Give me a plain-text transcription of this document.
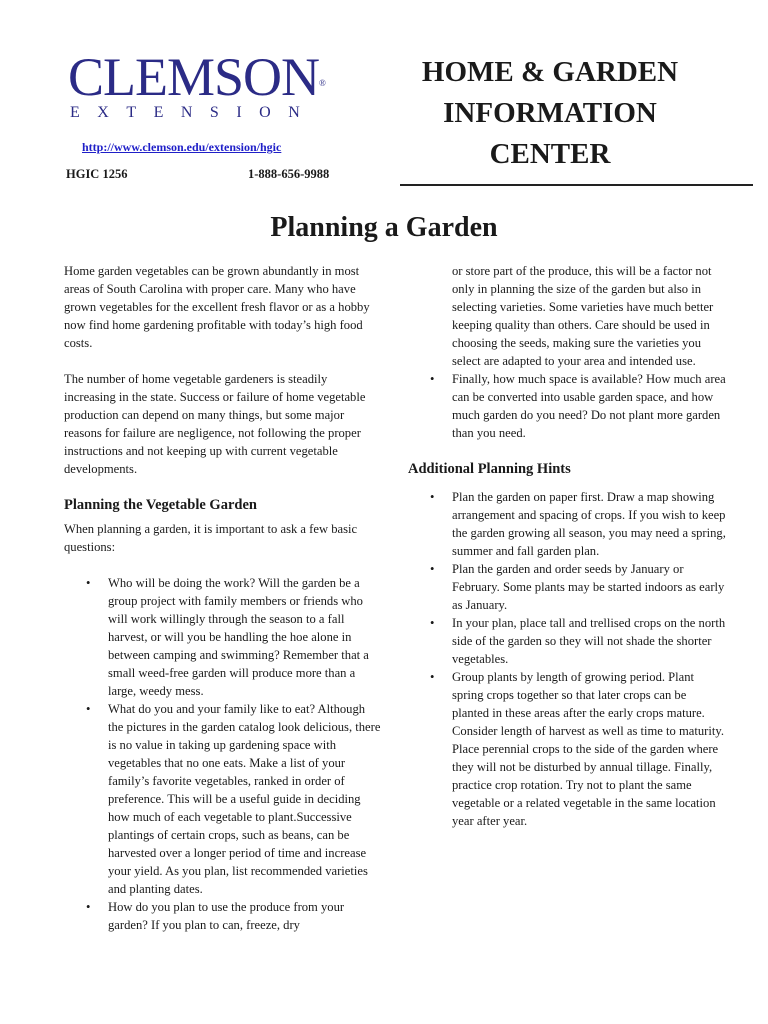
CLEMSON®
EXTENSION
http://www.clemson.edu/extension/hgic
HGIC 1256	1-888-656-9988
HOME & GARDEN
INFORMATION
CENTER
Planning a Garden

Home garden vegetables can be grown abundantly in most areas of South Carolina with proper care. Many who have grown vegetables for the excellent fresh flavor or as a hobby now find home gardening profitable with today’s high food costs.

The number of home vegetable gardeners is steadily increasing in the state. Success or failure of home vegetable production can depend on many things, but some major reasons for failure are negligence, not following the proper instructions and not keeping up with current vegetable developments.

Planning the Vegetable Garden

When planning a garden, it is important to ask a few basic questions:

• Who will be doing the work? Will the garden be a group project with family members or friends who will work willingly through the season to a fall harvest, or will you be handling the hoe alone in between camping and swimming? Remember that a small weed-free garden will produce more than a large, weedy mess.
• What do you and your family like to eat? Although the pictures in the garden catalog look delicious, there is no value in taking up gardening space with vegetables that no one eats. Make a list of your family’s favorite vegetables, ranked in order of preference. This will be a useful guide in deciding how much of each vegetable to plant.Successive plantings of certain crops, such as beans, can be harvested over a longer period of time and increase your yield. As you plan, list recommended varieties and planting dates.
• How do you plan to use the produce from your garden? If you plan to can, freeze, dry
or store part of the produce, this will be a factor not only in planning the size of the garden but also in selecting varieties. Some varieties have much better keeping quality than others. Care should be used in choosing the seeds, making sure the varieties you select are adapted to your area and intended use.
• Finally, how much space is available? How much area can be converted into usable garden space, and how much garden do you need? Do not plant more garden than you need.
Additional Planning Hints
• Plan the garden on paper first. Draw a map showing arrangement and spacing of crops. If you wish to keep the garden growing all season, you may need a spring, summer and fall garden plan.
• Plan the garden and order seeds by January or February. Some plants may be started indoors as early as January.
• In your plan, place tall and trellised crops on the north side of the garden so they will not shade the shorter vegetables.
• Group plants by length of growing period. Plant spring crops together so that later crops can be planted in these areas after the early crops mature. Consider length of harvest as well as time to maturity. Place perennial crops to the side of the garden where they will not be disturbed by annual tillage. Finally, practice crop rotation. Try not to plant the same vegetable or a related vegetable in the same location year after year.
